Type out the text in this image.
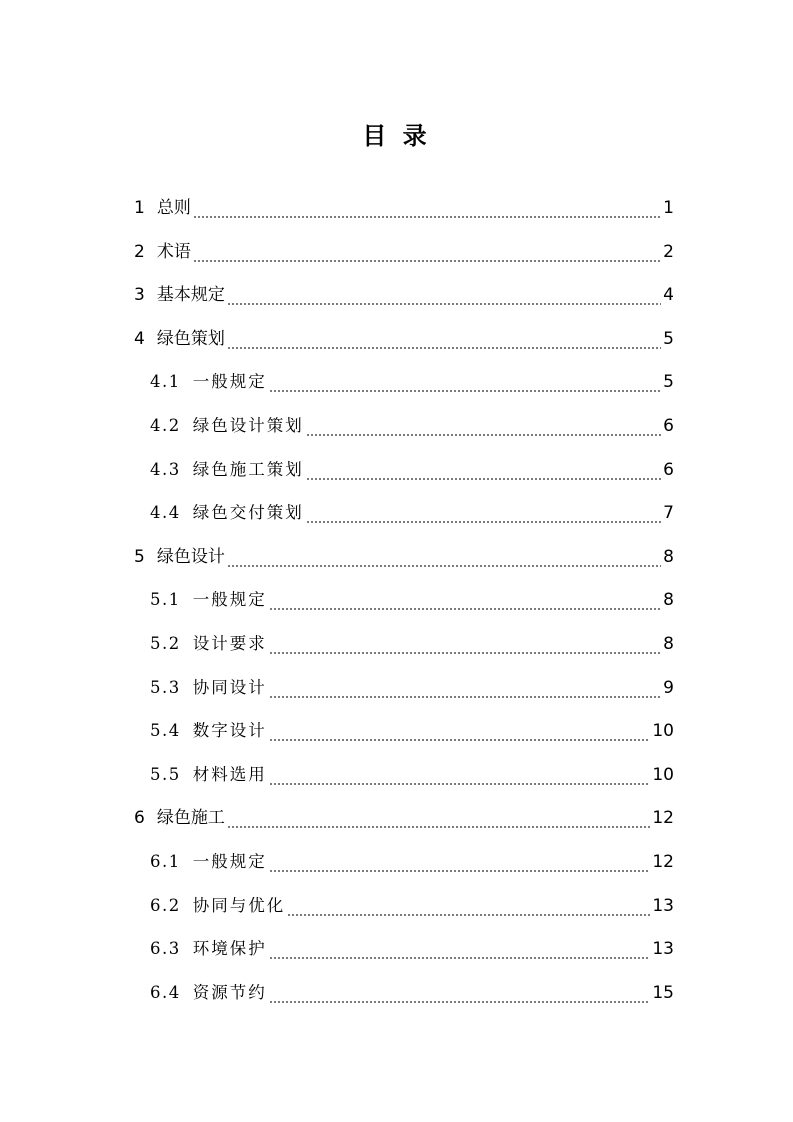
目 录
1 总则	1
2 术语	2
3 基本规定	4
4 绿色策划	5
4.1 一般规定	5
4.2 绿色设计策划	6
4.3 绿色施工策划	6
4.4 绿色交付策划	7
5 绿色设计	8
5.1 一般规定	8
5.2 设计要求	8
5.3 协同设计	9
5.4 数字设计	10
5.5 材料选用	10
6 绿色施工	12
6.1 一般规定	12
6.2 协同与优化	13
6.3 环境保护	13
6.4 资源节约	15
